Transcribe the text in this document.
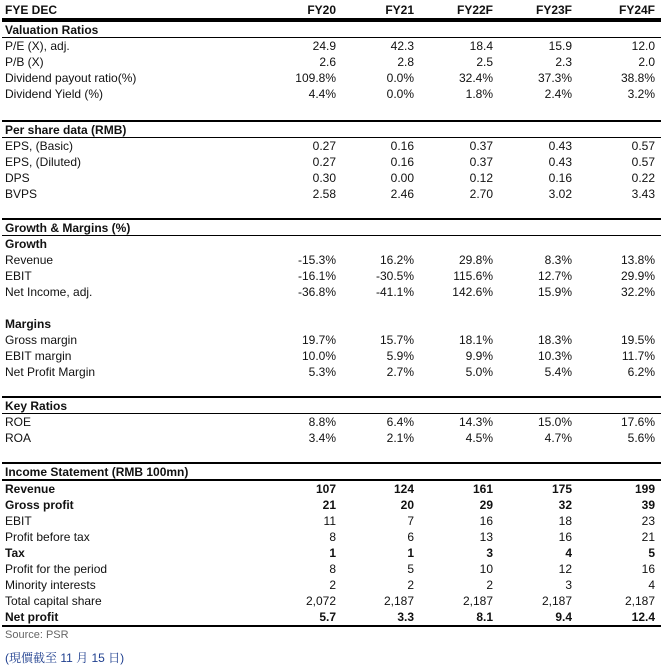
FYE DEC	FY20	FY21	FY22F	FY23F	FY24F
Valuation Ratios
P/E (X), adj.	24.9	42.3	18.4	15.9	12.0
P/B (X)	2.6	2.8	2.5	2.3	2.0
Dividend payout ratio(%)	109.8%	0.0%	32.4%	37.3%	38.8%
Dividend Yield (%)	4.4%	0.0%	1.8%	2.4%	3.2%
Per share data (RMB)
EPS, (Basic)	0.27	0.16	0.37	0.43	0.57
EPS, (Diluted)	0.27	0.16	0.37	0.43	0.57
DPS	0.30	0.00	0.12	0.16	0.22
BVPS	2.58	2.46	2.70	3.02	3.43
Growth & Margins (%)
Growth
Revenue	-15.3%	16.2%	29.8%	8.3%	13.8%
EBIT	-16.1%	-30.5%	115.6%	12.7%	29.9%
Net Income, adj.	-36.8%	-41.1%	142.6%	15.9%	32.2%
Margins
Gross margin	19.7%	15.7%	18.1%	18.3%	19.5%
EBIT margin	10.0%	5.9%	9.9%	10.3%	11.7%
Net Profit Margin	5.3%	2.7%	5.0%	5.4%	6.2%
Key Ratios
ROE	8.8%	6.4%	14.3%	15.0%	17.6%
ROA	3.4%	2.1%	4.5%	4.7%	5.6%
Income Statement (RMB 100mn)
Revenue	107	124	161	175	199
Gross profit	21	20	29	32	39
EBIT	11	7	16	18	23
Profit before tax	8	6	13	16	21
Tax	1	1	3	4	5
Profit for the period	8	5	10	12	16
Minority interests	2	2	2	3	4
Total capital share	2,072	2,187	2,187	2,187	2,187
Net profit	5.7	3.3	8.1	9.4	12.4
Source: PSR
(現價截至 11 月 15 日)
